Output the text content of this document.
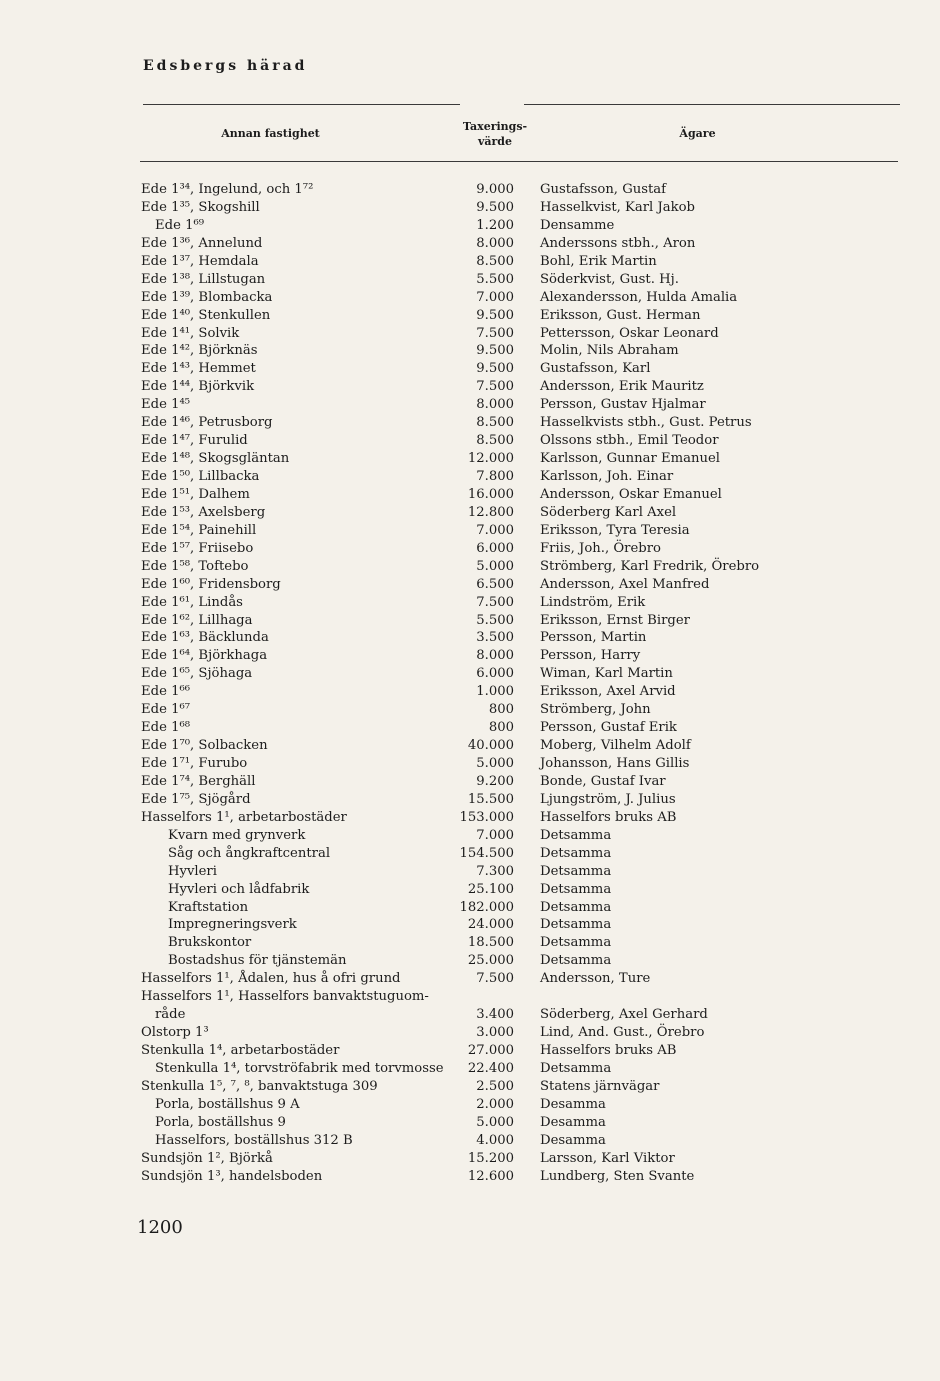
Edsbergs härad
Annan fastighet
Taxerings-
värde
Ägare
Ede 1³⁴, Ingelund, och 1⁷²	9.000 Gustafsson, Gustaf
Ede 1³⁵, Skogshill	9.500 Hasselkvist, Karl Jakob
Ede 1⁶⁹	1.200 Densamme
Ede 1³⁶, Annelund	8.000 Anderssons stbh., Aron
Ede 1³⁷, Hemdala	8.500 Bohl, Erik Martin
Ede 1³⁸, Lillstugan	5.500 Söderkvist, Gust. Hj.
Ede 1³⁹, Blombacka	7.000 Alexandersson, Hulda Amalia
Ede 1⁴⁰, Stenkullen	9.500 Eriksson, Gust. Herman
Ede 1⁴¹, Solvik	7.500 Pettersson, Oskar Leonard
Ede 1⁴², Björknäs	9.500 Molin, Nils Abraham
Ede 1⁴³, Hemmet	9.500 Gustafsson, Karl
Ede 1⁴⁴, Björkvik	7.500 Andersson, Erik Mauritz
Ede 1⁴⁵	8.000 Persson, Gustav Hjalmar
Ede 1⁴⁶, Petrusborg	8.500 Hasselkvists stbh., Gust. Petrus
Ede 1⁴⁷, Furulid	8.500 Olssons stbh., Emil Teodor
Ede 1⁴⁸, Skogsgläntan	12.000 Karlsson, Gunnar Emanuel
Ede 1⁵⁰, Lillbacka	7.800 Karlsson, Joh. Einar
Ede 1⁵¹, Dalhem	16.000 Andersson, Oskar Emanuel
Ede 1⁵³, Axelsberg	12.800 Söderberg Karl Axel
Ede 1⁵⁴, Painehill	7.000 Eriksson, Tyra Teresia
Ede 1⁵⁷, Friisebo	6.000 Friis, Joh., Örebro
Ede 1⁵⁸, Toftebo	5.000 Strömberg, Karl Fredrik, Örebro
Ede 1⁶⁰, Fridensborg	6.500 Andersson, Axel Manfred
Ede 1⁶¹, Lindås	7.500 Lindström, Erik
Ede 1⁶², Lillhaga	5.500 Eriksson, Ernst Birger
Ede 1⁶³, Bäcklunda	3.500 Persson, Martin
Ede 1⁶⁴, Björkhaga	8.000 Persson, Harry
Ede 1⁶⁵, Sjöhaga	6.000 Wiman, Karl Martin
Ede 1⁶⁶	1.000 Eriksson, Axel Arvid
Ede 1⁶⁷	800 Strömberg, John
Ede 1⁶⁸	800 Persson, Gustaf Erik
Ede 1⁷⁰, Solbacken	40.000 Moberg, Vilhelm Adolf
Ede 1⁷¹, Furubo	5.000 Johansson, Hans Gillis
Ede 1⁷⁴, Berghäll	9.200 Bonde, Gustaf Ivar
Ede 1⁷⁵, Sjögård	15.500 Ljungström, J. Julius
Hasselfors 1¹, arbetarbostäder	153.000 Hasselfors bruks AB
Kvarn med grynverk	7.000 Detsamma
Såg och ångkraftcentral	154.500 Detsamma
Hyvleri	7.300 Detsamma
Hyvleri och lådfabrik	25.100 Detsamma
Kraftstation	182.000 Detsamma
Impregneringsverk	24.000 Detsamma
Brukskontor	18.500 Detsamma
Bostadshus för tjänstemän	25.000 Detsamma
Hasselfors 1¹, Ådalen, hus å ofri grund	7.500 Andersson, Ture
Hasselfors 1¹, Hasselfors banvaktstuguom-
råde	3.400 Söderberg, Axel Gerhard
Olstorp 1³	3.000 Lind, And. Gust., Örebro
Stenkulla 1⁴, arbetarbostäder	27.000 Hasselfors bruks AB
Stenkulla 1⁴, torvströfabrik med torvmosse 22.400 Detsamma
Stenkulla 1⁵, ⁷, ⁸, banvaktstuga 309	2.500 Statens järnvägar
Porla, boställshus 9 A	2.000 Desamma
Porla, boställshus 9	5.000 Desamma
Hasselfors, boställshus 312 B	4.000 Desamma
Sundsjön 1², Björkå	15.200 Larsson, Karl Viktor
Sundsjön 1³, handelsboden	12.600 Lundberg, Sten Svante
1200
